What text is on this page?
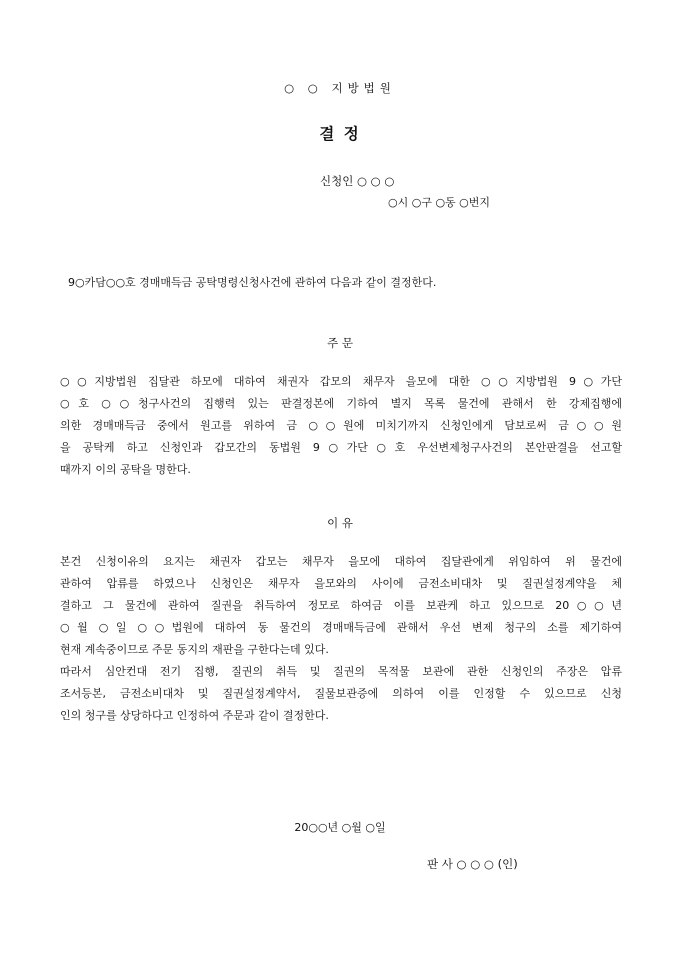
○ ○ 지방법원
결 정
신청인 ○ ○ ○
○시 ○구 ○동 ○번지
9○카담○○호 경매매득금 공탁명령신청사건에 관하여 다음과 같이 결정한다.
주 문
○○지방법원 집달관 하모에 대하여 채권자 갑모의 채무자 을모에 대한 ○○지방법원 9○가단
○호 ○○청구사건의 집행력 있는 판결정본에 기하여 별지 목록 물건에 관해서 한 강제집행에
의한 경매매득금 중에서 원고를 위하여 금 ○○원에 미치기까지 신청인에게 담보로써 금○○원
을 공탁케 하고 신청인과 갑모간의 동법원 9○가단○호 우선변제청구사건의 본안판결을 선고할
때까지 이의 공탁을 명한다.
이 유
본건 신청이유의 요지는 채권자 갑모는 채무자 을모에 대하여 집달관에게 위임하여 위 물건에
관하여 압류를 하였으나 신청인은 채무자 을모와의 사이에 금전소비대차 및 질권설정계약을 체
결하고 그 물건에 관하여 질권을 취득하여 정모로 하여금 이를 보관케 하고 있으므로 20○○년
○월 ○일 ○○법원에 대하여 동 물건의 경매매득금에 관해서 우선 변제 청구의 소를 제기하여
현재 계속중이므로 주문 동지의 재판을 구한다는데 있다.
따라서 심안컨대 전기 집행, 질권의 취득 및 질권의 목적물 보관에 관한 신청인의 주장은 압류
조서등본, 금전소비대차 및 질권설정계약서, 질물보관증에 의하여 이를 인정할 수 있으므로 신청
인의 청구를 상당하다고 인정하여 주문과 같이 결정한다.
20○○년 ○월 ○일
판 사 ○ ○ ○ (인)
